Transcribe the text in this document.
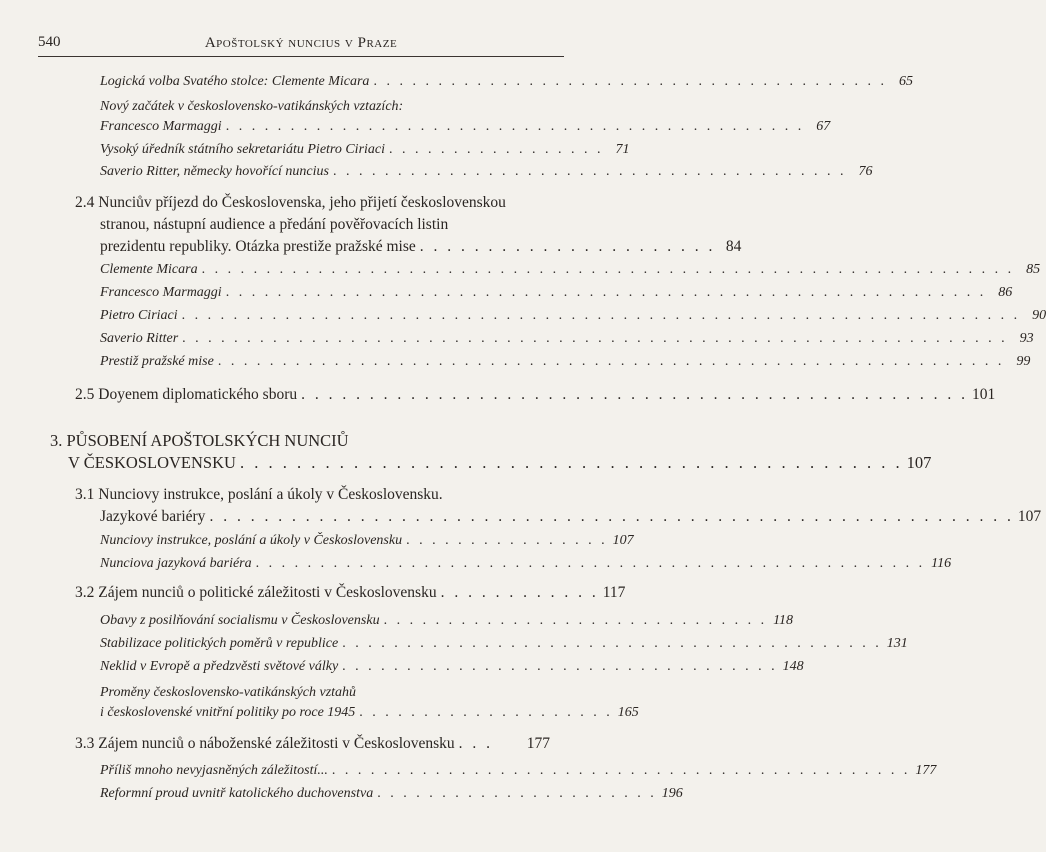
540	Apoštolský nuncius v Praze
Logická volba Svatého stolce: Clemente Micara . . . . . . . . . . . . . . . . . . . . . . . . . . . . . . . . . . . . . . . . 65
Nový začátek v československo-vatikánských vztazích:
Francesco Marmaggi . . . . . . . . . . . . . . . . . . . . . . . . . . . . . . . . . . . . . . . . . . . . . 67
Vysoký úředník státního sekretariátu Pietro Ciriaci . . . . . . . . . . . . . . . . . 71
Saverio Ritter, německy hovořící nuncius . . . . . . . . . . . . . . . . . . . . . . . . . . . . . . . . . . . . . . . . 76
2.4 Nunciův příjezd do Československa, jeho přijetí československou
stranou, nástupní audience a předání pověřovacích listin
prezidentu republiky. Otázka prestiže pražské mise . . . . . . . . . . . . . . . . . . . . . . 84
Clemente Micara . . . . . . . . . . . . . . . . . . . . . . . . . . . . . . . . . . . . . . . . . . . . . . . . . . . . . . . . . . . . . . . 85
Francesco Marmaggi . . . . . . . . . . . . . . . . . . . . . . . . . . . . . . . . . . . . . . . . . . . . . . . . . . . . . . . . . . . 86
Pietro Ciriaci . . . . . . . . . . . . . . . . . . . . . . . . . . . . . . . . . . . . . . . . . . . . . . . . . . . . . . . . . . . . . . . . . 90
Saverio Ritter . . . . . . . . . . . . . . . . . . . . . . . . . . . . . . . . . . . . . . . . . . . . . . . . . . . . . . . . . . . . . . . . 93
Prestiž pražské mise . . . . . . . . . . . . . . . . . . . . . . . . . . . . . . . . . . . . . . . . . . . . . . . . . . . . . . . . . . . . . 99
2.5 Doyenem diplomatického sboru . . . . . . . . . . . . . . . . . . . . . . . . . . . . . . . . . . . . . . . . . . . . . . . . . 101
3. PŮSOBENÍ APOŠTOLSKÝCH NUNCIŮ
V ČESKOSLOVENSKU . . . . . . . . . . . . . . . . . . . . . . . . . . . . . . . . . . . . . . . . . . . . . . . 107
3.1 Nunciovy instrukce, poslání a úkoly v Československu.
Jazykové bariéry . . . . . . . . . . . . . . . . . . . . . . . . . . . . . . . . . . . . . . . . . . . . . . . . . . . . . . . . . . . 107
Nunciovy instrukce, poslání a úkoly v Československu . . . . . . . . . . . . . . . . 107
Nunciova jazyková bariéra . . . . . . . . . . . . . . . . . . . . . . . . . . . . . . . . . . . . . . . . . . . . . . . . . . . . 116
3.2 Zájem nunciů o politické záležitosti v Československu . . . . . . . . . . . . 117
Obavy z posilňování socialismu v Československu . . . . . . . . . . . . . . . . . . . . . . . . . . . . . . 118
Stabilizace politických poměrů v republice . . . . . . . . . . . . . . . . . . . . . . . . . . . . . . . . . . . . . . . . . . 131
Neklid v Evropě a předzvěsti světové války . . . . . . . . . . . . . . . . . . . . . . . . . . . . . . . . . . 148
Proměny československo-vatikánských vztahů
i československé vnitřní politiky po roce 1945 . . . . . . . . . . . . . . . . . . . . 165
3.3 Zájem nunciů o náboženské záležitosti v Československu . . .	177
Příliš mnoho nevyjasněných záležitostí... . . . . . . . . . . . . . . . . . . . . . . . . . . . . . . . . . . . . . . . . . . . . . 177
Reformní proud uvnitř katolického duchovenstva . . . . . . . . . . . . . . . . . . . . . . 196
